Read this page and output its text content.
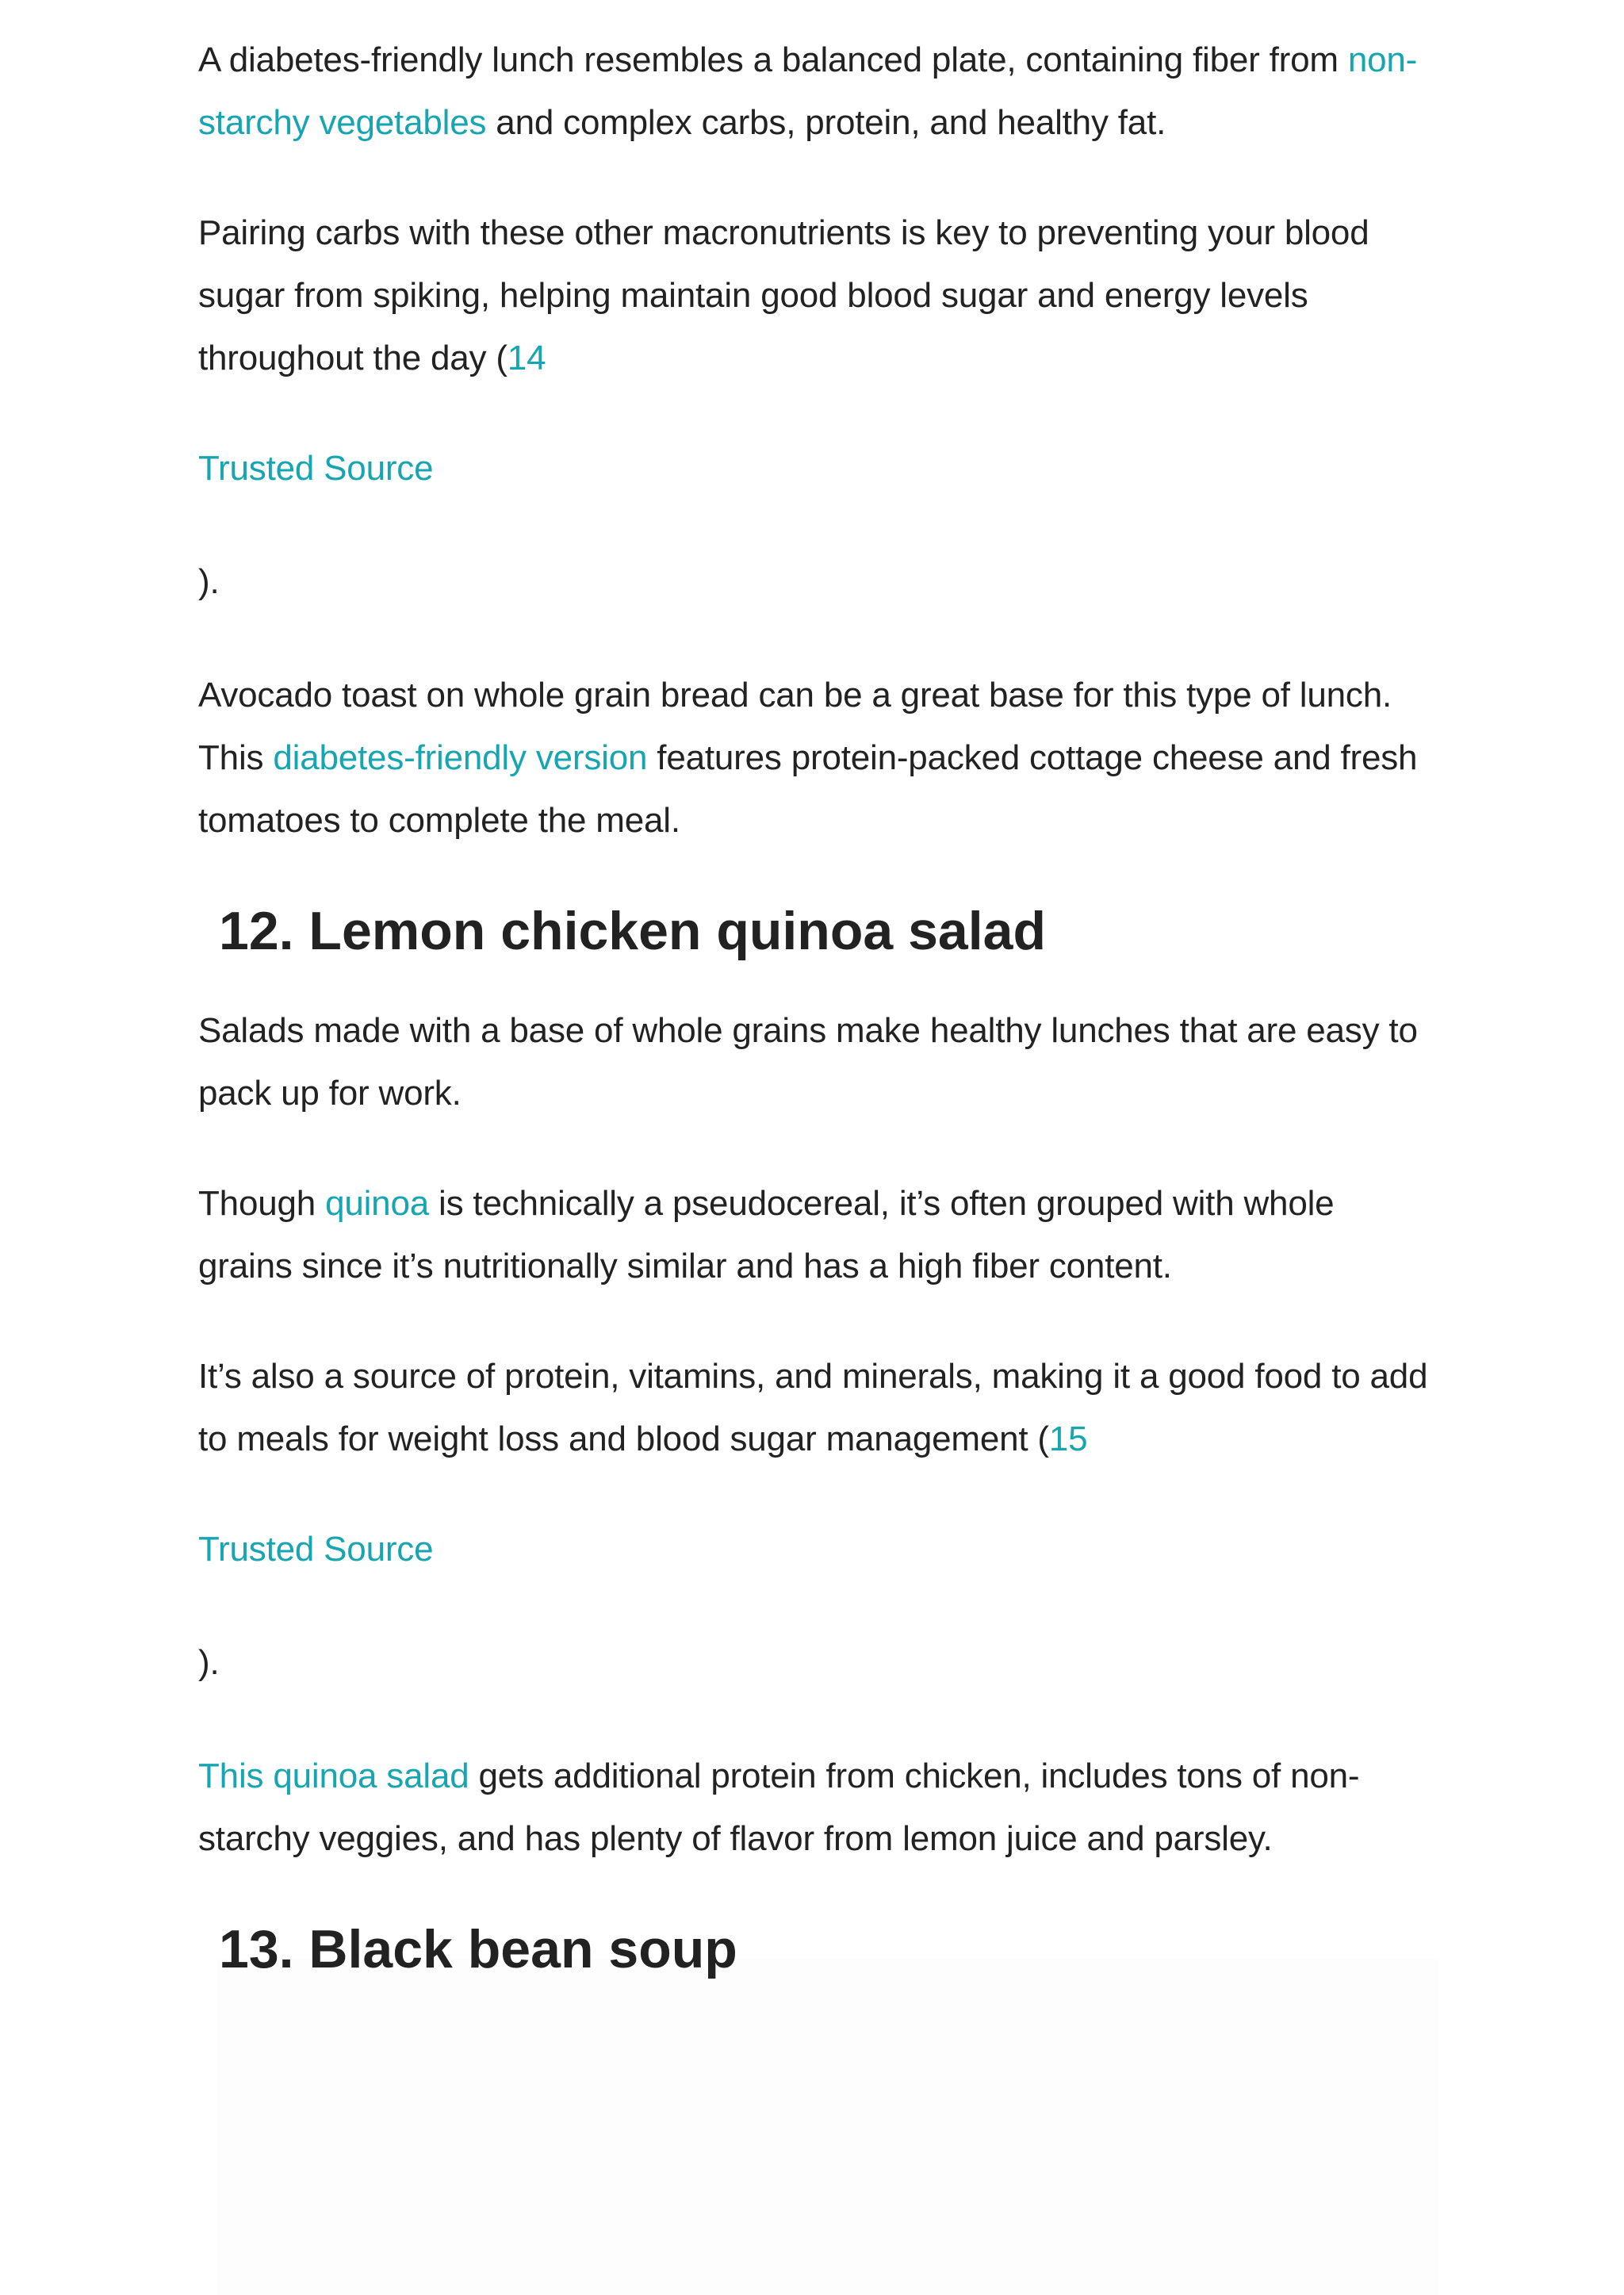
A diabetes-friendly lunch resembles a balanced plate, containing fiber from non-starchy vegetables and complex carbs, protein, and healthy fat.

Pairing carbs with these other macronutrients is key to preventing your blood sugar from spiking, helping maintain good blood sugar and energy levels throughout the day (14

Trusted Source

).

Avocado toast on whole grain bread can be a great base for this type of lunch. This diabetes-friendly version features protein-packed cottage cheese and fresh tomatoes to complete the meal.

12. Lemon chicken quinoa salad

Salads made with a base of whole grains make healthy lunches that are easy to pack up for work.

Though quinoa is technically a pseudocereal, it’s often grouped with whole grains since it’s nutritionally similar and has a high fiber content.

It’s also a source of protein, vitamins, and minerals, making it a good food to add to meals for weight loss and blood sugar management (15

Trusted Source

).

This quinoa salad gets additional protein from chicken, includes tons of non-starchy veggies, and has plenty of flavor from lemon juice and parsley.

13. Black bean soup
